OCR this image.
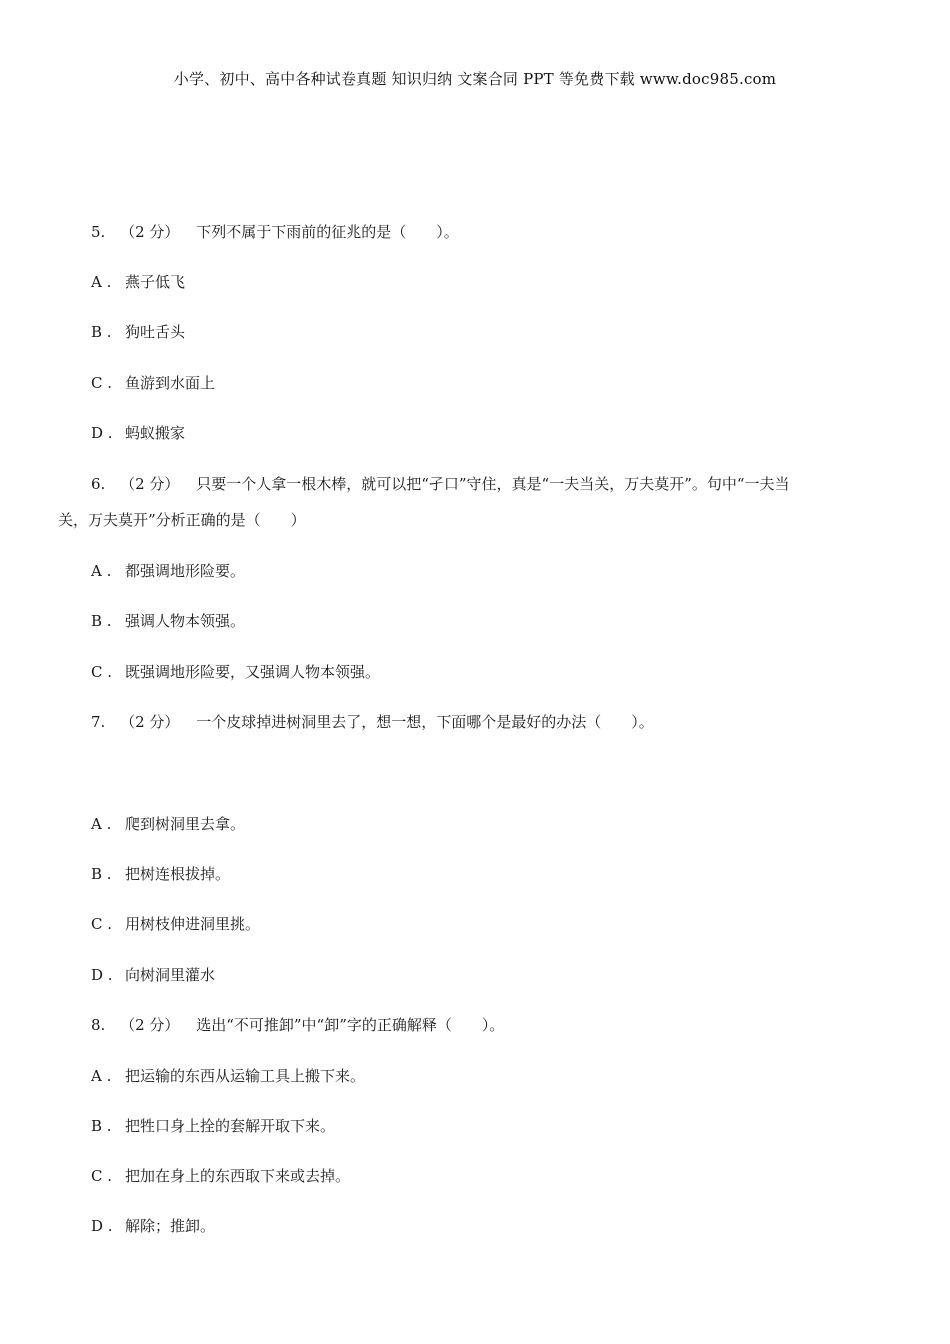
小学、初中、高中各种试卷真题 知识归纳 文案合同 PPT 等免费下载 www.doc985.com
5. （2 分） 下列不属于下雨前的征兆的是（　　）。
A . 燕子低飞
B . 狗吐舌头
C . 鱼游到水面上
D . 蚂蚁搬家
6. （2 分） 只要一个人拿一根木棒，就可以把“孑口”守住，真是“一夫当关，万夫莫开”。句中“一夫当
关，万夫莫开”分析正确的是（　　）
A . 都强调地形险要。
B . 强调人物本领强。
C . 既强调地形险要，又强调人物本领强。
7. （2 分） 一个皮球掉进树洞里去了，想一想，下面哪个是最好的办法（　　）。
A . 爬到树洞里去拿。
B . 把树连根拔掉。
C . 用树枝伸进洞里挑。
D . 向树洞里灌水
8. （2 分） 选出“不可推卸”中“卸”字的正确解释（　　）。
A . 把运输的东西从运输工具上搬下来。
B . 把牲口身上拴的套解开取下来。
C . 把加在身上的东西取下来或去掉。
D . 解除；推卸。
